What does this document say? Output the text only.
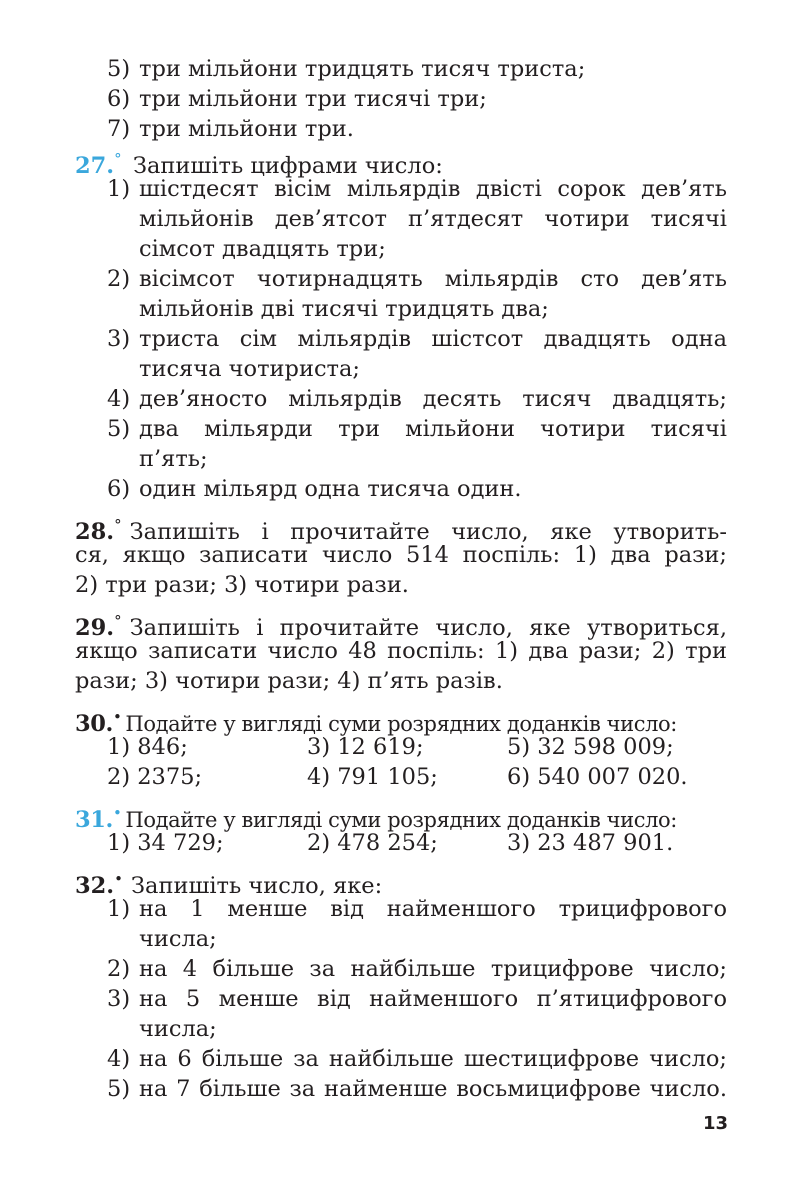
5) три мільйони тридцять тисяч триста;
6) три мільйони три тисячі три;
7) три мільйони три.
27.° Запишіть цифрами число:
1) шістдесят вісім мільярдів двісті сорок дев’ять
мільйонів дев’ятсот п’ятдесят чотири тисячі
сімсот двадцять три;
2) вісімсот чотирнадцять мільярдів сто дев’ять
мільйонів дві тисячі тридцять два;
3) триста сім мільярдів шістсот двадцять одна
тисяча чотириста;
4) дев’яносто мільярдів десять тисяч двадцять;
5) два мільярди три мільйони чотири тисячі
п’ять;
6) один мільярд одна тисяча один.
28.° Запишіть і прочитайте число, яке утворить-
ся, якщо записати число 514 поспіль: 1) два рази;
2) три рази; 3) чотири рази.
29.° Запишіть і прочитайте число, яке утвориться,
якщо записати число 48 поспіль: 1) два рази; 2) три
рази; 3) чотири рази; 4) п’ять разів.
30.• Подайте у вигляді суми розрядних доданків число:
1) 846;	3) 12 619;	5) 32 598 009;
2) 2375;	4) 791 105;	6) 540 007 020.
31.• Подайте у вигляді суми розрядних доданків число:
1) 34 729;	2) 478 254;	3) 23 487 901.
32.• Запишіть число, яке:
1) на 1 менше від найменшого трицифрового
числа;
2) на 4 більше за найбільше трицифрове число;
3) на 5 менше від найменшого п’ятицифрового
числа;
4) на 6 більше за найбільше шестицифрове число;
5) на 7 більше за найменше восьмицифрове число.
13
